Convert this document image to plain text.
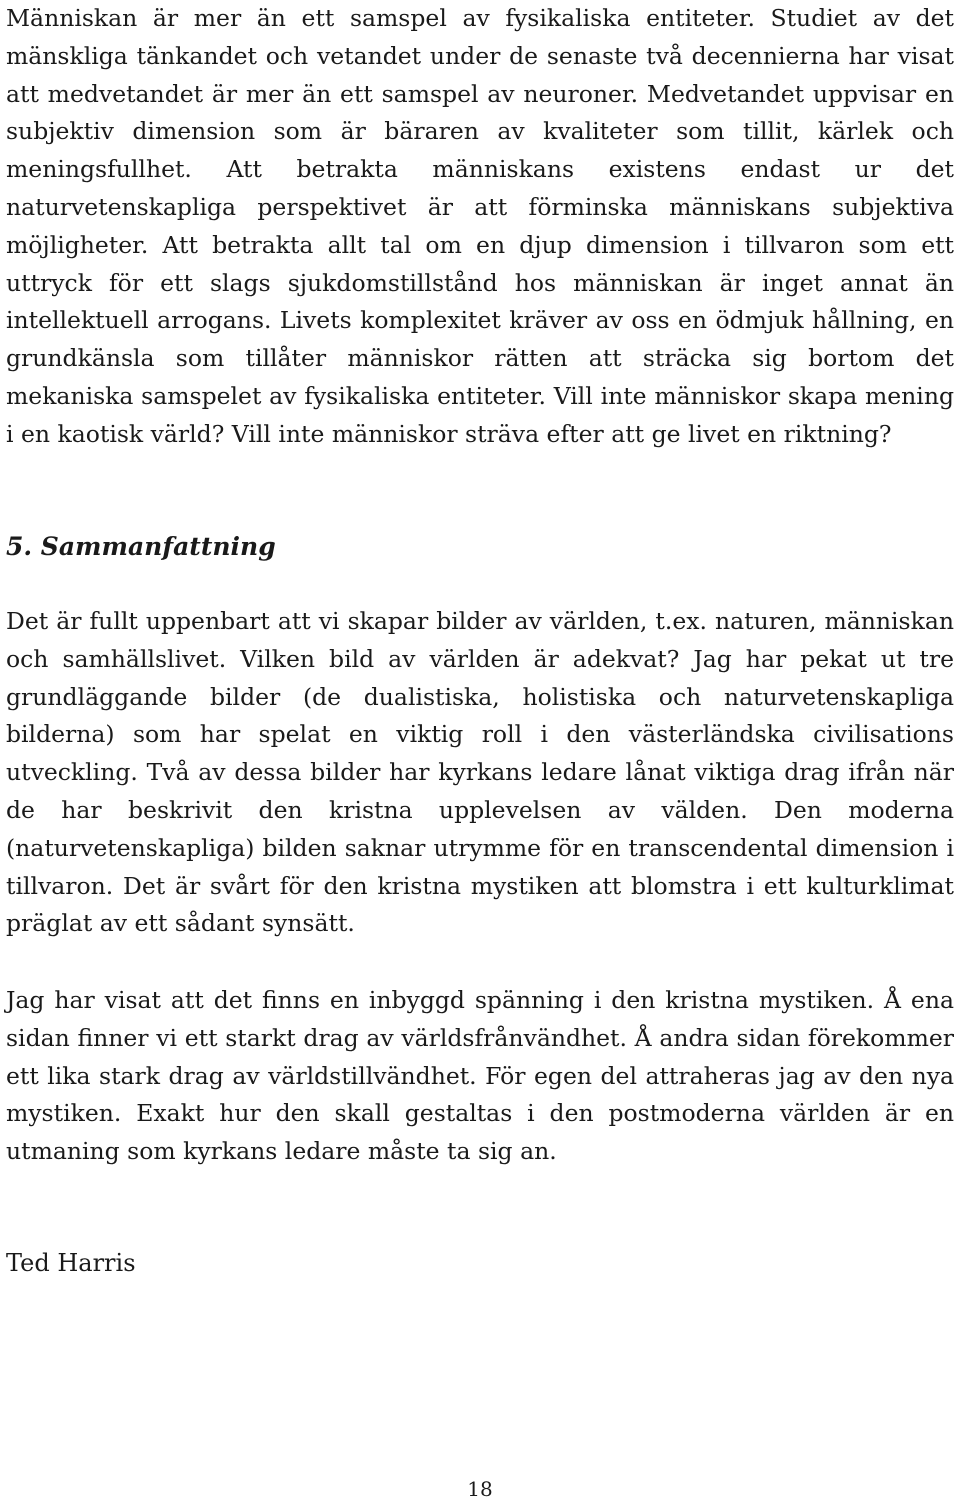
Människan är mer än ett samspel av fysikaliska entiteter. Studiet av det mänskliga tänkandet och vetandet under de senaste två decennierna har visat att medvetandet är mer än ett samspel av neuroner. Medvetandet uppvisar en subjektiv dimension som är bäraren av kvaliteter som tillit, kärlek och meningsfullhet. Att betrakta människans existens endast ur det naturvetenskapliga perspektivet är att förminska människans subjektiva möjligheter. Att betrakta allt tal om en djup dimension i tillvaron som ett uttryck för ett slags sjukdomstillstånd hos människan är inget annat än intellektuell arrogans. Livets komplexitet kräver av oss en ödmjuk hållning, en grundkänsla som tillåter människor rätten att sträcka sig bortom det mekaniska samspelet av fysikaliska entiteter. Vill inte människor skapa mening i en kaotisk värld? Vill inte människor sträva efter att ge livet en riktning?

5. Sammanfattning

Det är fullt uppenbart att vi skapar bilder av världen, t.ex. naturen, människan och samhällslivet. Vilken bild av världen är adekvat? Jag har pekat ut tre grundläggande bilder (de dualistiska, holistiska och naturvetenskapliga bilderna) som har spelat en viktig roll i den västerländska civilisations utveckling. Två av dessa bilder har kyrkans ledare lånat viktiga drag ifrån när de har beskrivit den kristna upplevelsen av välden. Den moderna (naturvetenskapliga) bilden saknar utrymme för en transcendental dimension i tillvaron. Det är svårt för den kristna mystiken att blomstra i ett kulturklimat präglat av ett sådant synsätt.

Jag har visat att det finns en inbyggd spänning i den kristna mystiken. Å ena sidan finner vi ett starkt drag av världsfrånvändhet. Å andra sidan förekommer ett lika stark drag av världstillvändhet. För egen del attraheras jag av den nya mystiken. Exakt hur den skall gestaltas i den postmoderna världen är en utmaning som kyrkans ledare måste ta sig an.

Ted Harris

18
